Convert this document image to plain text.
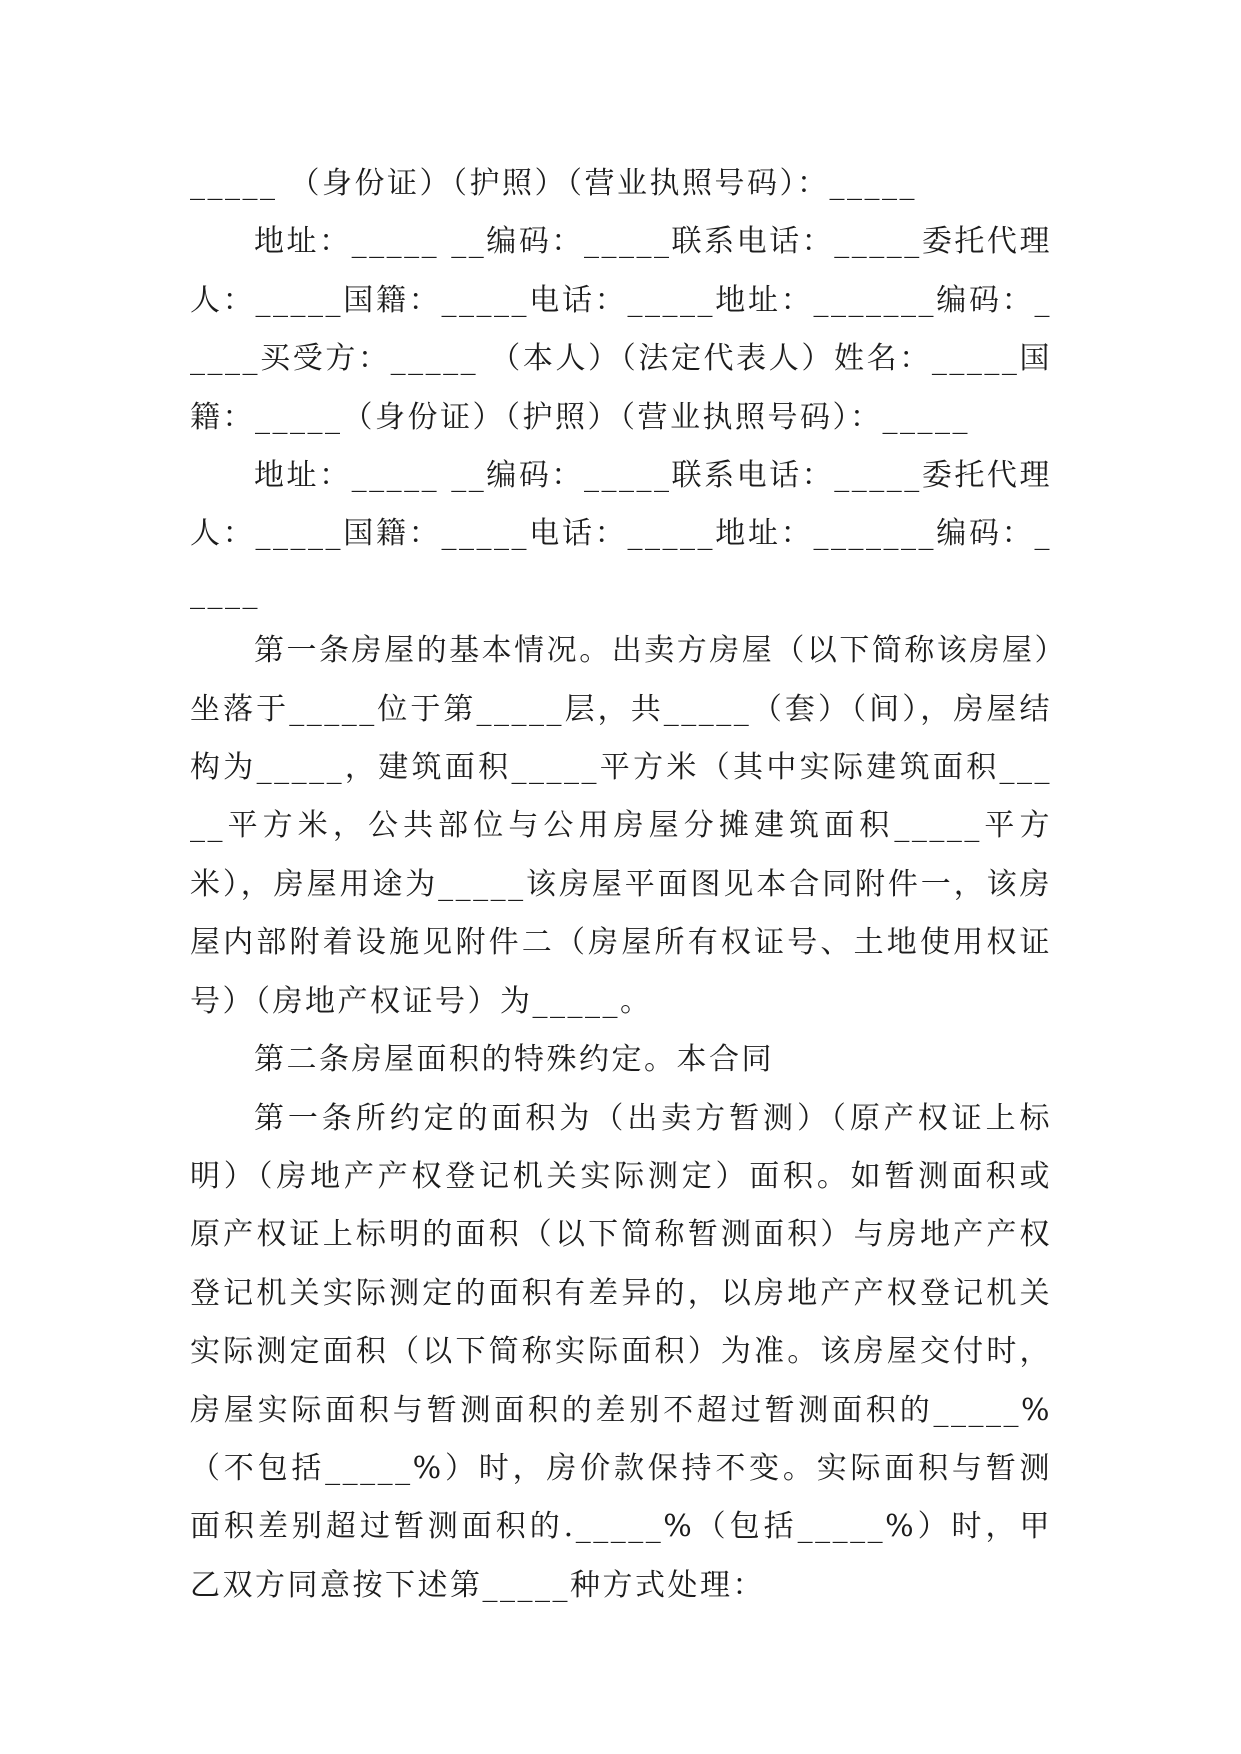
_____ （身份证）（护照）（营业执照号码）：_____

地址：_____ __编码：_____联系电话：_____委托代理人：_____国籍：_____电话：_____地址：_______编码：_____买受方：_____ （本人）（法定代表人）姓名：_____国籍：_____（身份证）（护照）（营业执照号码）：_____

地址：_____ __编码：_____联系电话：_____委托代理人：_____国籍：_____电话：_____地址：_______编码：_____

第一条房屋的基本情况。出卖方房屋（以下简称该房屋）坐落于_____位于第_____层，共_____（套）（间），房屋结构为_____，建筑面积_____平方米（其中实际建筑面积_____平方米，公共部位与公用房屋分摊建筑面积_____平方米），房屋用途为_____该房屋平面图见本合同附件一，该房屋内部附着设施见附件二（房屋所有权证号、土地使用权证号）（房地产权证号）为_____。

第二条房屋面积的特殊约定。本合同

第一条所约定的面积为（出卖方暂测）（原产权证上标明）（房地产产权登记机关实际测定）面积。如暂测面积或原产权证上标明的面积（以下简称暂测面积）与房地产产权登记机关实际测定的面积有差异的，以房地产产权登记机关实际测定面积（以下简称实际面积）为准。该房屋交付时，房屋实际面积与暂测面积的差别不超过暂测面积的_____%（不包括_____%）时，房价款保持不变。实际面积与暂测面积差别超过暂测面积的._____%（包括_____%）时，甲乙双方同意按下述第_____种方式处理：
